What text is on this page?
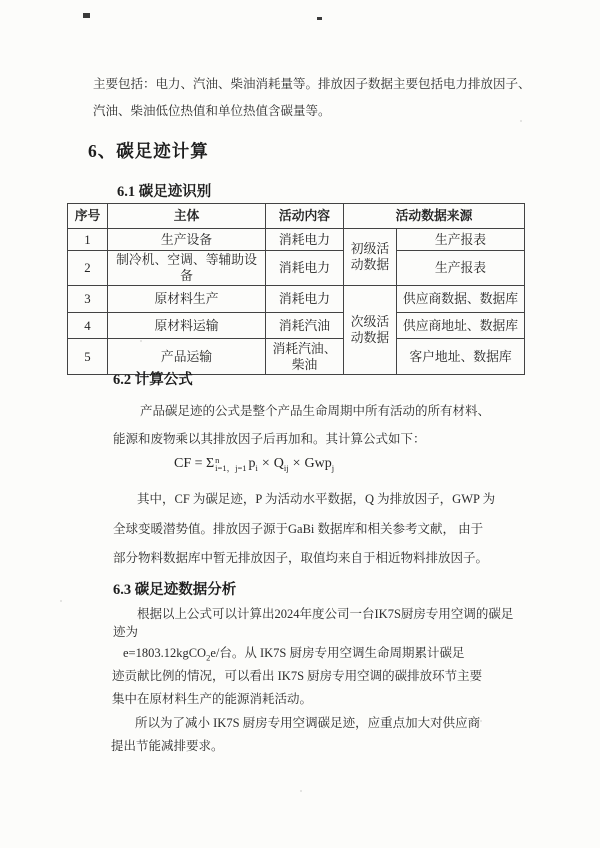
主要包括：电力、汽油、柴油消耗量等。排放因子数据主要包括电力排放因子、
汽油、柴油低位热值和单位热值含碳量等。
6、碳足迹计算
6.1 碳足迹识别
序号	主体	活动内容	活动数据来源	
1	生产设备	消耗电力	初级活动数据	生产报表
2	制冷机、空调、等辅助设备	消耗电力		生产报表
3	原材料生产	消耗电力	次级活动数据	供应商数据、数据库
4	原材料运输	消耗汽油		供应商地址、数据库
5	产品运输	消耗汽油、柴油		客户地址、数据库
6.2 计算公式
产品碳足迹的公式是整个产品生命周期中所有活动的所有材料、
能源和废物乘以其排放因子后再加和。其计算公式如下：
CF = Σ n
i=1，j=1 $p_i \times Q_{ij} \times Gwp_j$
其中，CF 为碳足迹，P 为活动水平数据，Q 为排放因子，GWP 为
全球变暖潜势值。排放因子源于GaBi 数据库和相关参考文献， 由于
部分物料数据库中暂无排放因子，取值均来自于相近物料排放因子。
6.3 碳足迹数据分析
根据以上公式可以计算出2024年度公司一台IK7S厨房专用空调的碳足
迹为
e=1803.12kgCO$_2$e/台。从 IK7S 厨房专用空调生命周期累计碳足
迹贡献比例的情况，可以看出 IK7S 厨房专用空调的碳排放环节主要
集中在原材料生产的能源消耗活动。
所以为了减小 IK7S 厨房专用空调碳足迹，应重点加大对供应商
提出节能减排要求。
